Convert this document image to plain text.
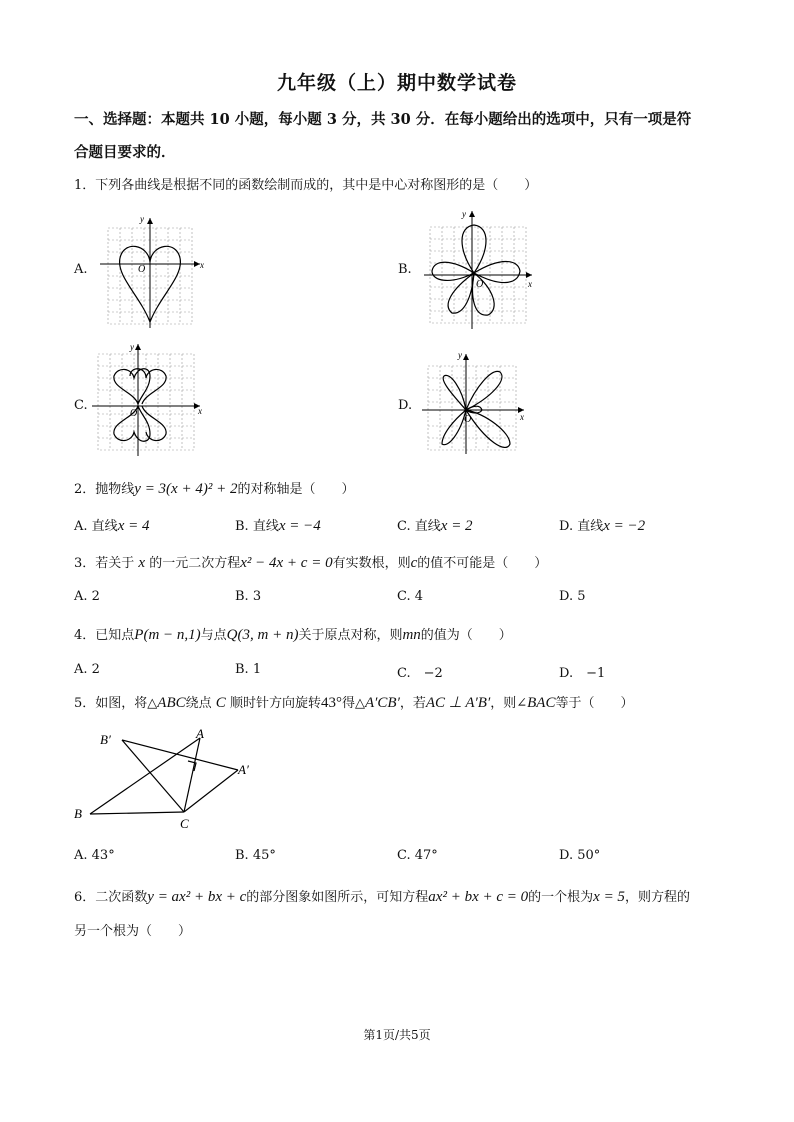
九年级（上）期中数学试卷
一、选择题：本题共 10 小题，每小题 3 分，共 30 分．在每小题给出的选项中，只有一项是符
合题目要求的．
1．下列各曲线是根据不同的函数绘制而成的，其中是中心对称图形的是（　　）
A.	B.
C.	D.
O	x
y
O	x
y
O	x
y
O	x
y
2．抛物线y = 3(x + 4)² + 2的对称轴是（　　）
A. 直线x = 4	B. 直线x = −4	C. 直线x = 2	D. 直线x = −2
3．若关于 x 的一元二次方程x² − 4x + c = 0有实数根，则c的值不可能是（　　）
A. 2	B. 3	C. 4	D. 5
4．已知点P(m − n,1)与点Q(3, m + n)关于原点对称，则mn的值为（　　）
A. 2	B. 1	C.　−2	D.　−1
5．如图，将△ABC绕点 C 顺时针方向旋转43°得△A′CB′，若AC ⊥ A′B′，则∠BAC等于（　　）
B′	A
A′
B
C
A. 43°	B. 45°	C. 47°	D. 50°
6．二次函数y = ax² + bx + c的部分图象如图所示，可知方程ax² + bx + c = 0的一个根为x = 5，则方程的
另一个根为（　　）
第1页/共5页
